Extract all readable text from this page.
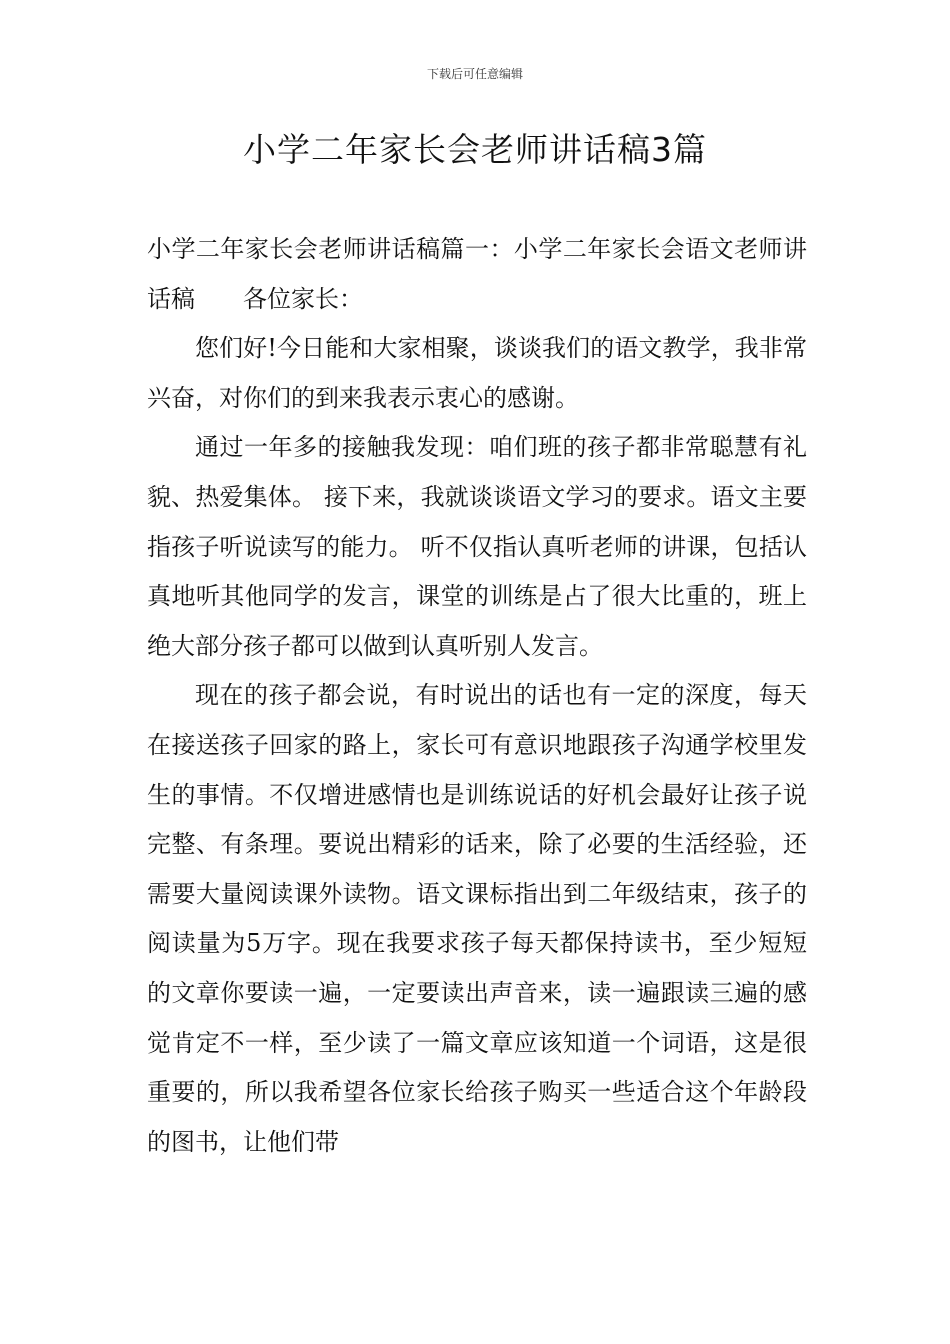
下载后可任意编辑
小学二年家长会老师讲话稿3篇

小学二年家长会老师讲话稿篇一：小学二年家长会语文老师讲话稿　　各位家长：

您们好!今日能和大家相聚，谈谈我们的语文教学，我非常兴奋，对你们的到来我表示衷心的感谢。

通过一年多的接触我发现：咱们班的孩子都非常聪慧有礼貌、热爱集体。 接下来，我就谈谈语文学习的要求。语文主要指孩子听说读写的能力。 听不仅指认真听老师的讲课，包括认真地听其他同学的发言，课堂的训练是占了很大比重的，班上绝大部分孩子都可以做到认真听别人发言。

现在的孩子都会说，有时说出的话也有一定的深度，每天在接送孩子回家的路上，家长可有意识地跟孩子沟通学校里发生的事情。不仅增进感情也是训练说话的好机会最好让孩子说完整、有条理。要说出精彩的话来，除了必要的生活经验，还需要大量阅读课外读物。语文课标指出到二年级结束，孩子的阅读量为5万字。现在我要求孩子每天都保持读书，至少短短的文章你要读一遍，一定要读出声音来，读一遍跟读三遍的感觉肯定不一样，至少读了一篇文章应该知道一个词语，这是很重要的，所以我希望各位家长给孩子购买一些适合这个年龄段的图书，让他们带
